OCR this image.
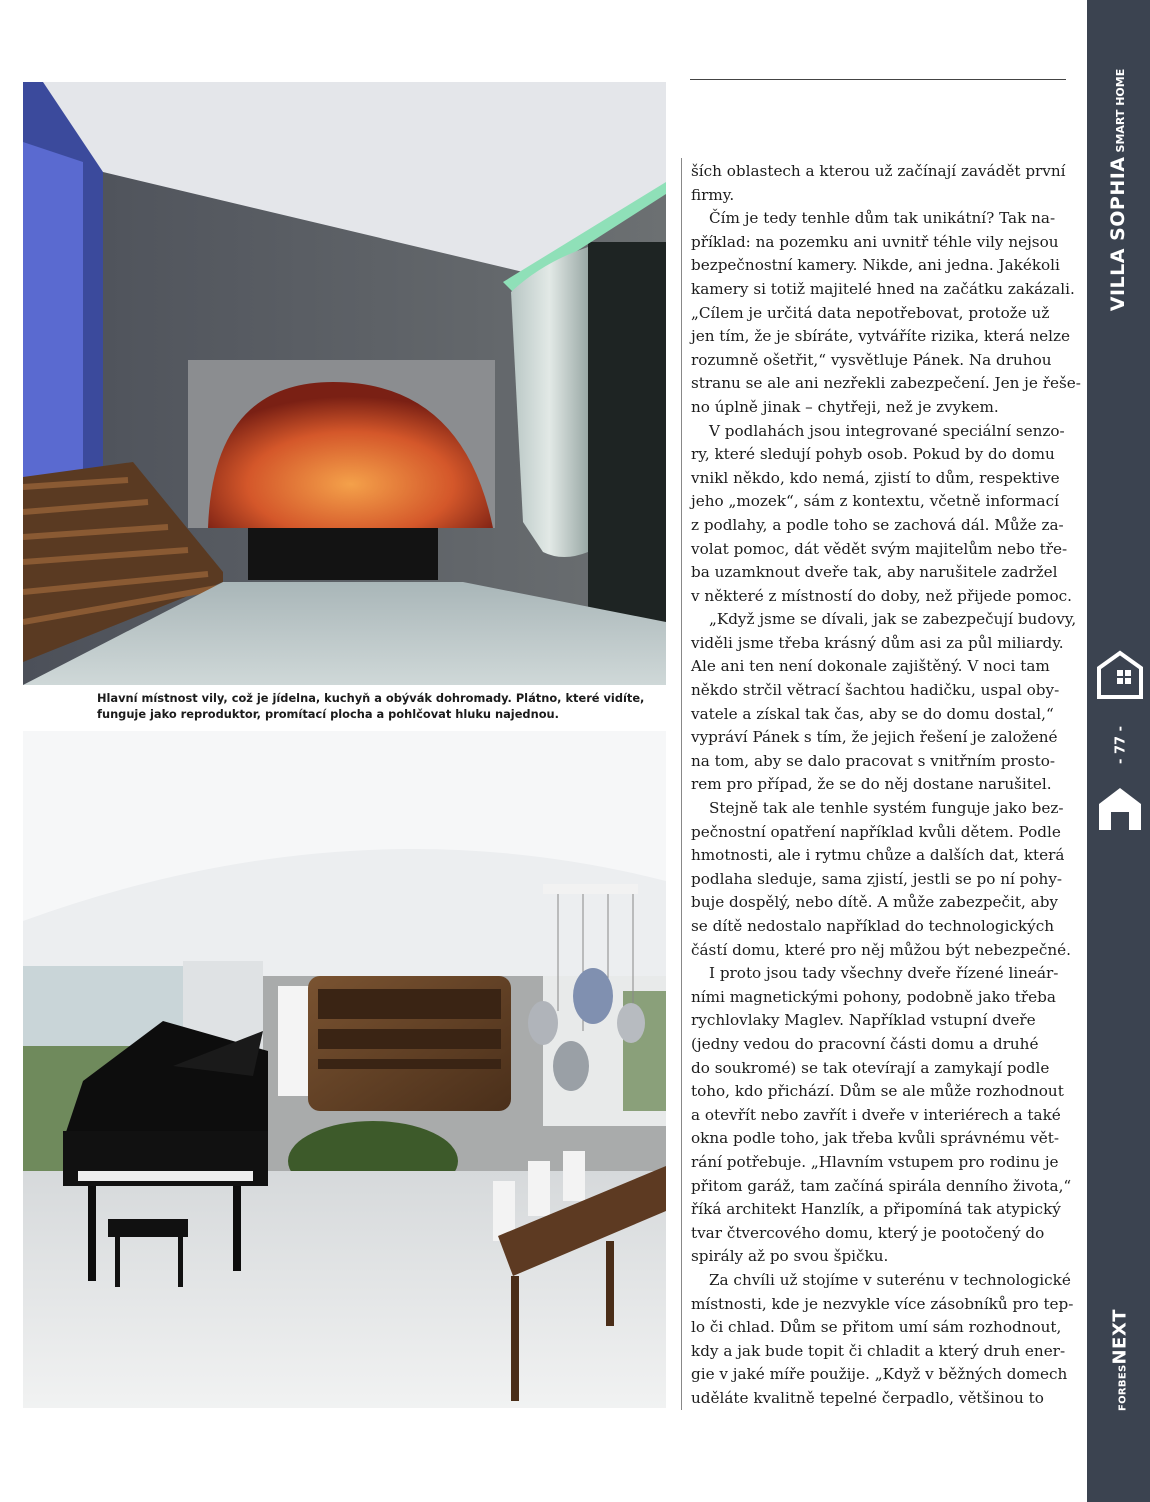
Hlavní místnost vily, což je jídelna, kuchyň a obývák dohromady. Plátno, které vidíte,
funguje jako reproduktor, promítací plocha a pohlčovat hluku najednou.
ších oblastech a kterou už začínají zavádět první
firmy.
Čím je tedy tenhle dům tak unikátní? Tak na-
příklad: na pozemku ani uvnitř téhle vily nejsou
bezpečnostní kamery. Nikde, ani jedna. Jakékoli
kamery si totiž majitelé hned na začátku zakázali.
„Cílem je určitá data nepotřebovat, protože už
jen tím, že je sbíráte, vytváříte rizika, která nelze
rozumně ošetřit,“ vysvětluje Pánek. Na druhou
stranu se ale ani nezřekli zabezpečení. Jen je řeše-
no úplně jinak – chytřeji, než je zvykem.
V podlahách jsou integrované speciální senzo-
ry, které sledují pohyb osob. Pokud by do domu
vnikl někdo, kdo nemá, zjistí to dům, respektive
jeho „mozek“, sám z kontextu, včetně informací
z podlahy, a podle toho se zachová dál. Může za-
volat pomoc, dát vědět svým majitelům nebo tře-
ba uzamknout dveře tak, aby narušitele zadržel
v některé z místností do doby, než přijede pomoc.
„Když jsme se dívali, jak se zabezpečují budovy,
viděli jsme třeba krásný dům asi za půl miliardy.
Ale ani ten není dokonale zajištěný. V noci tam
někdo strčil větrací šachtou hadičku, uspal oby-
vatele a získal tak čas, aby se do domu dostal,“
vypráví Pánek s tím, že jejich řešení je založené
na tom, aby se dalo pracovat s vnitřním prosto-
rem pro případ, že se do něj dostane narušitel.
Stejně tak ale tenhle systém funguje jako bez-
pečnostní opatření například kvůli dětem. Podle
hmotnosti, ale i rytmu chůze a dalších dat, která
podlaha sleduje, sama zjistí, jestli se po ní pohy-
buje dospělý, nebo dítě. A může zabezpečit, aby
se dítě nedostalo například do technologických
částí domu, které pro něj můžou být nebezpečné.
I proto jsou tady všechny dveře řízené lineár-
ními magnetickými pohony, podobně jako třeba
rychlovlaky Maglev. Například vstupní dveře
(jedny vedou do pracovní části domu a druhé
do soukromé) se tak otevírají a zamykají podle
toho, kdo přichází. Dům se ale může rozhodnout
a otevřít nebo zavřít i dveře v interiérech a také
okna podle toho, jak třeba kvůli správnému vět-
rání potřebuje. „Hlavním vstupem pro rodinu je
přitom garáž, tam začíná spirála denního života,“
říká architekt Hanzlík, a připomíná tak atypický
tvar čtvercového domu, který je pootočený do
spirály až po svou špičku.
Za chvíli už stojíme v suterénu v technologické
místnosti, kde je nezvykle více zásobníků pro tep-
lo či chlad. Dům se přitom umí sám rozhodnout,
kdy a jak bude topit či chladit a který druh ener-
gie v jaké míře použije. „Když v běžných domech
uděláte kvalitně tepelné čerpadlo, většinou to
VILLA SOPHIASMART HOME
- 77 -
FORBESNEXT
